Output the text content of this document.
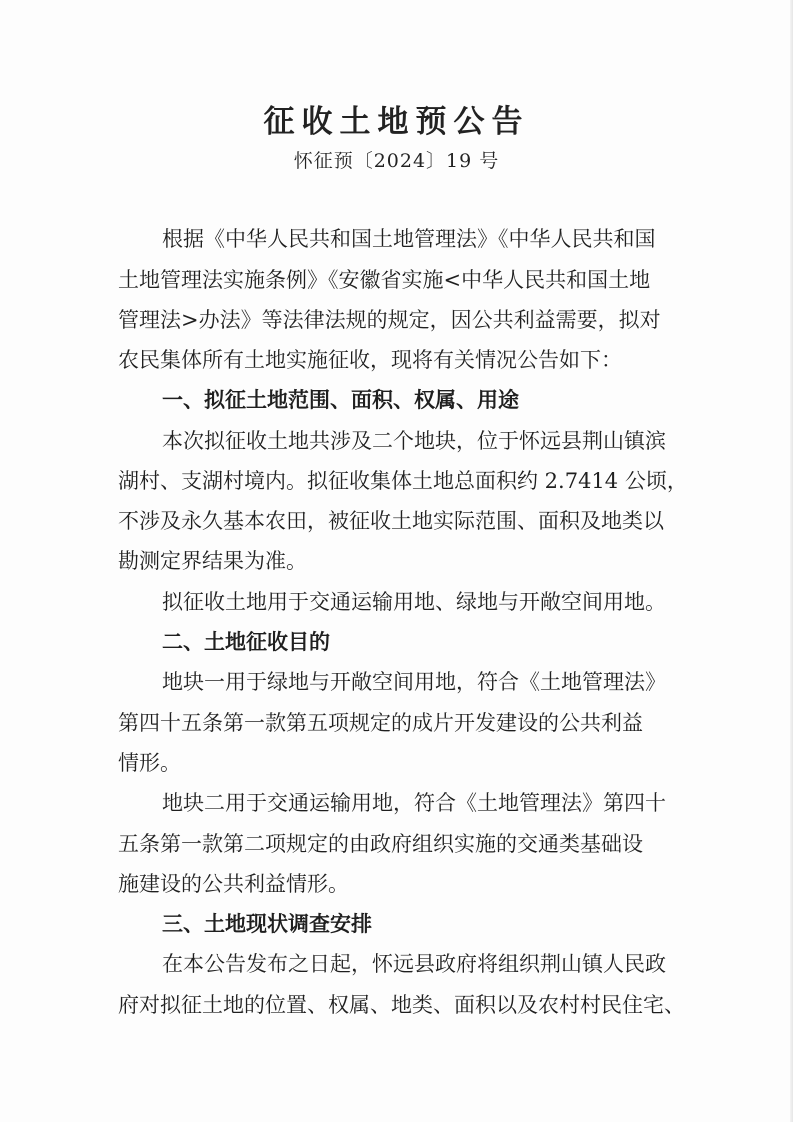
征收土地预公告
怀征预〔2024〕19 号
根据《中华人民共和国土地管理法》《中华人民共和国
土地管理法实施条例》《安徽省实施<中华人民共和国土地
管理法>办法》等法律法规的规定，因公共利益需要，拟对
农民集体所有土地实施征收，现将有关情况公告如下：
一、拟征土地范围、面积、权属、用途
本次拟征收土地共涉及二个地块，位于怀远县荆山镇滨
湖村、支湖村境内。拟征收集体土地总面积约 2.7414 公顷，
不涉及永久基本农田，被征收土地实际范围、面积及地类以
勘测定界结果为准。
拟征收土地用于交通运输用地、绿地与开敞空间用地。
二、土地征收目的
地块一用于绿地与开敞空间用地，符合《土地管理法》
第四十五条第一款第五项规定的成片开发建设的公共利益
情形。
地块二用于交通运输用地，符合《土地管理法》第四十
五条第一款第二项规定的由政府组织实施的交通类基础设
施建设的公共利益情形。
三、土地现状调查安排
在本公告发布之日起，怀远县政府将组织荆山镇人民政
府对拟征土地的位置、权属、地类、面积以及农村村民住宅、
